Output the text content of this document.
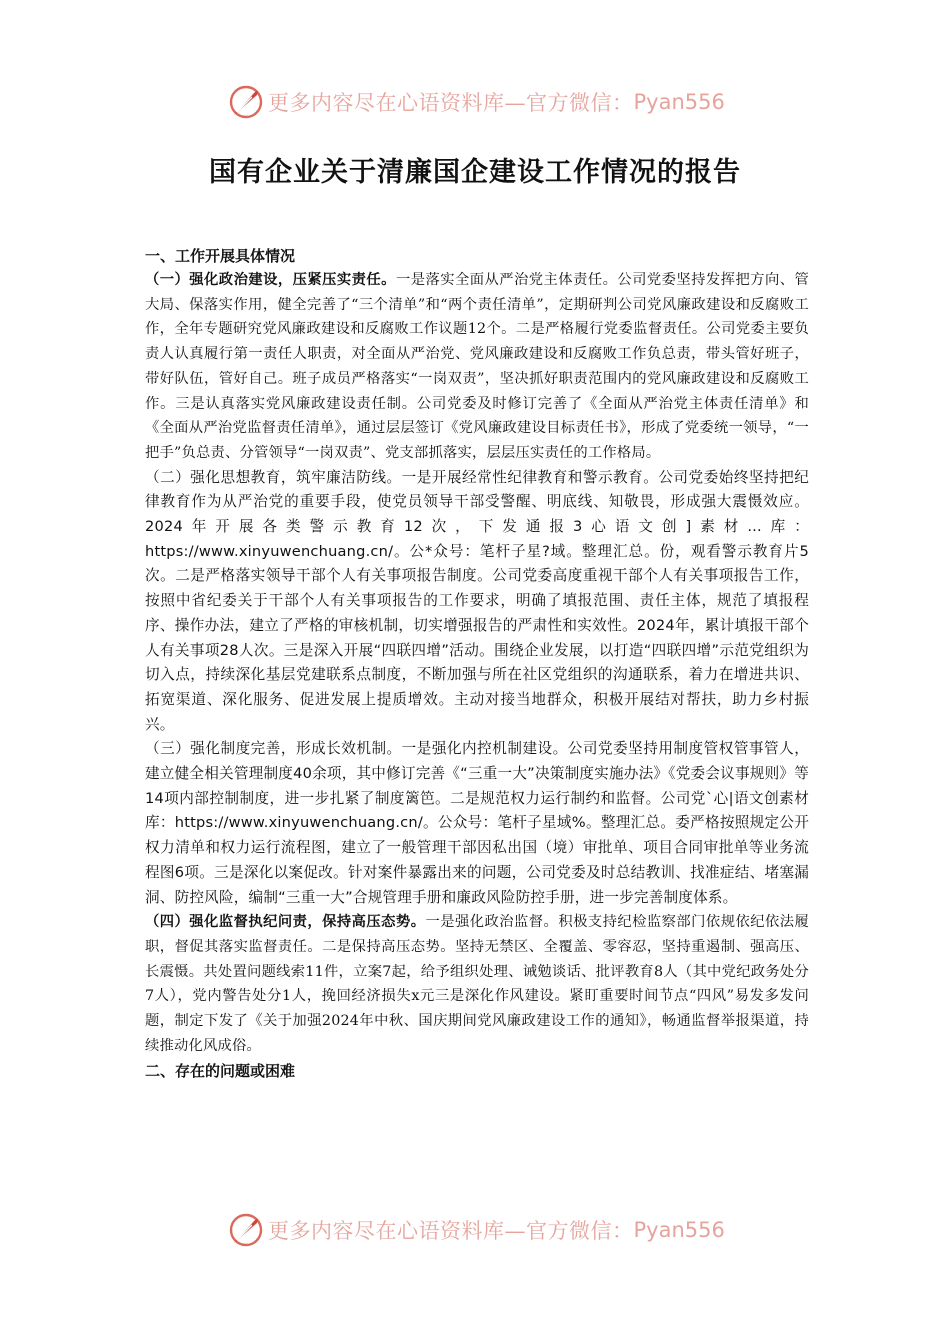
更多内容尽在心语资料库—官方微信： Pyan556
国有企业关于清廉国企建设工作情况的报告
一、工作开展具体情况

（一）强化政治建设，压紧压实责任。一是落实全面从严治党主体责任。公司党委坚持发挥把方向、管大局、保落实作用，健全完善了“三个清单”和“两个责任清单”，定期研判公司党风廉政建设和反腐败工作，全年专题研究党风廉政建设和反腐败工作议题12个。二是严格履行党委监督责任。公司党委主要负责人认真履行第一责任人职责，对全面从严治党、党风廉政建设和反腐败工作负总责，带头管好班子，带好队伍，管好自己。班子成员严格落实“一岗双责”，坚决抓好职责范围内的党风廉政建设和反腐败工作。三是认真落实党风廉政建设责任制。公司党委及时修订完善了《全面从严治党主体责任清单》和《全面从严治党监督责任清单》，通过层层签订《党风廉政建设目标责任书》，形成了党委统一领导，“一把手”负总责、分管领导“一岗双责”、党支部抓落实，层层压实责任的工作格局。

（二）强化思想教育，筑牢廉洁防线。一是开展经常性纪律教育和警示教育。公司党委始终坚持把纪律教育作为从严治党的重要手段，使党员领导干部受警醒、明底线、知敬畏，形成强大震慑效应。2024年开展各类警示教育12次，下发通报3心语文创]素材...库：https://www.xinyuwenchuang.cn/。公*众号：笔杆子星?域。整理汇总。份，观看警示教育片5次。二是严格落实领导干部个人有关事项报告制度。公司党委高度重视干部个人有关事项报告工作，按照中省纪委关于干部个人有关事项报告的工作要求，明确了填报范围、责任主体，规范了填报程序、操作办法，建立了严格的审核机制，切实增强报告的严肃性和实效性。2024年，累计填报干部个人有关事项28人次。三是深入开展“四联四增”活动。围绕企业发展，以打造“四联四增”示范党组织为切入点，持续深化基层党建联系点制度，不断加强与所在社区党组织的沟通联系，着力在增进共识、拓宽渠道、深化服务、促进发展上提质增效。主动对接当地群众，积极开展结对帮扶，助力乡村振兴。

（三）强化制度完善，形成长效机制。一是强化内控机制建设。公司党委坚持用制度管权管事管人，建立健全相关管理制度40余项，其中修订完善《“三重一大”决策制度实施办法》《党委会议事规则》等14项内部控制制度，进一步扎紧了制度篱笆。二是规范权力运行制约和监督。公司党`心|语文创素材库：https://www.xinyuwenchuang.cn/。公众号：笔杆子星域%。整理汇总。委严格按照规定公开权力清单和权力运行流程图，建立了一般管理干部因私出国（境）审批单、项目合同审批单等业务流程图6项。三是深化以案促改。针对案件暴露出来的问题，公司党委及时总结教训、找准症结、堵塞漏洞、防控风险，编制“三重一大”合规管理手册和廉政风险防控手册，进一步完善制度体系。

（四）强化监督执纪问责，保持高压态势。一是强化政治监督。积极支持纪检监察部门依规依纪依法履职，督促其落实监督责任。二是保持高压态势。坚持无禁区、全覆盖、零容忍，坚持重遏制、强高压、长震慑。共处置问题线索11件，立案7起，给予组织处理、诫勉谈话、批评教育8人（其中党纪政务处分7人），党内警告处分1人，挽回经济损失x元三是深化作风建设。紧盯重要时间节点“四风”易发多发问题，制定下发了《关于加强2024年中秋、国庆期间党风廉政建设工作的通知》，畅通监督举报渠道，持续推动化风成俗。

二、存在的问题或困难
更多内容尽在心语资料库—官方微信： Pyan556
